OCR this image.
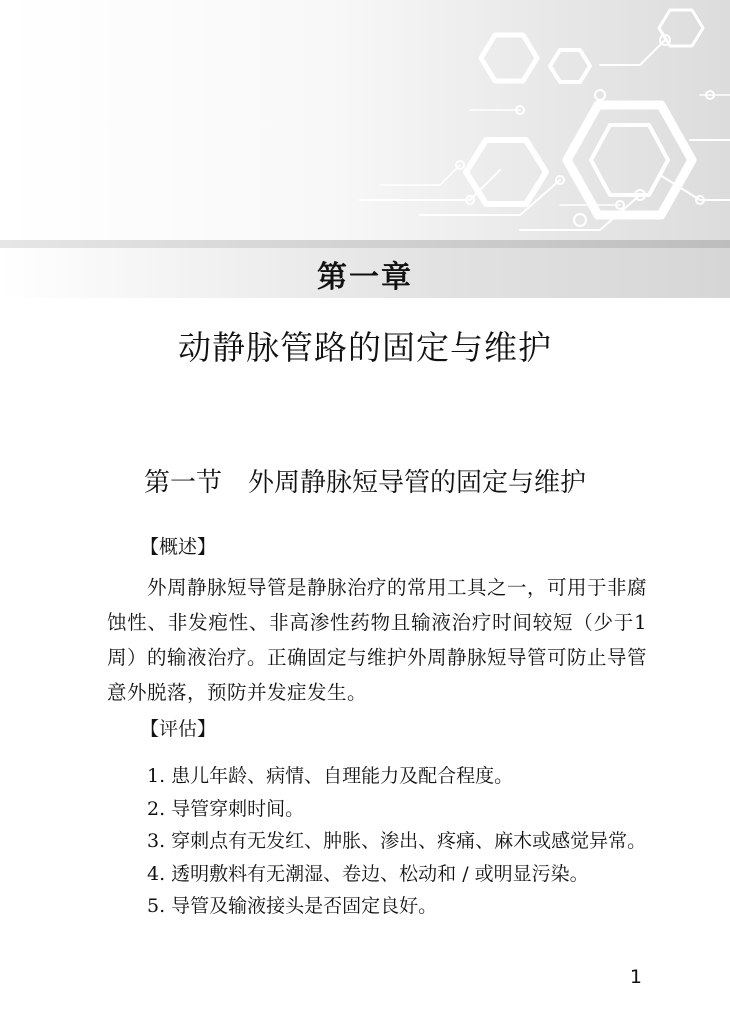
第一章
动静脉管路的固定与维护
第一节　外周静脉短导管的固定与维护
【概述】
外周静脉短导管是静脉治疗的常用工具之一，可用于非腐蚀性、非发疱性、非高渗性药物且输液治疗时间较短（少于1周）的输液治疗。正确固定与维护外周静脉短导管可防止导管意外脱落，预防并发症发生。
【评估】
1. 患儿年龄、病情、自理能力及配合程度。
2. 导管穿刺时间。
3. 穿刺点有无发红、肿胀、渗出、疼痛、麻木或感觉异常。
4. 透明敷料有无潮湿、卷边、松动和 / 或明显污染。
5. 导管及输液接头是否固定良好。
1
